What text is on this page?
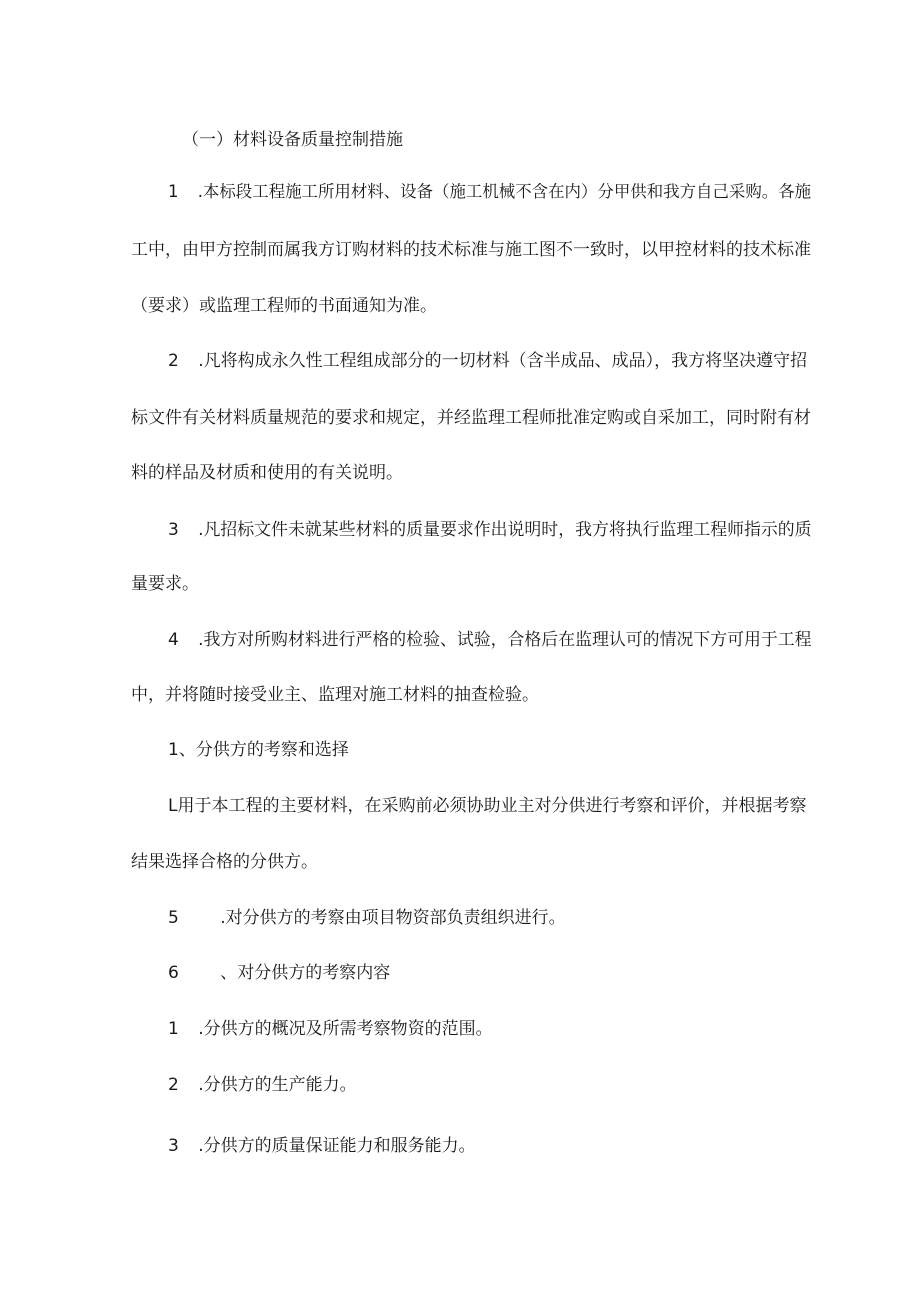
（一）材料设备质量控制措施
1 .本标段工程施工所用材料、设备（施工机械不含在内）分甲供和我方自己采购。各施
工中，由甲方控制而属我方订购材料的技术标准与施工图不一致时，以甲控材料的技术标准
（要求）或监理工程师的书面通知为准。
2 .凡将构成永久性工程组成部分的一切材料（含半成品、成品），我方将坚决遵守招
标文件有关材料质量规范的要求和规定，并经监理工程师批准定购或自采加工，同时附有材
料的样品及材质和使用的有关说明。
3 .凡招标文件未就某些材料的质量要求作出说明时，我方将执行监理工程师指示的质
量要求。
4 .我方对所购材料进行严格的检验、试验，合格后在监理认可的情况下方可用于工程
中，并将随时接受业主、监理对施工材料的抽查检验。
1、分供方的考察和选择
L用于本工程的主要材料，在采购前必须协助业主对分供进行考察和评价，并根据考察
结果选择合格的分供方。
5 .对分供方的考察由项目物资部负责组织进行。
6 、对分供方的考察内容
1 .分供方的概况及所需考察物资的范围。
2 .分供方的生产能力。
3 .分供方的质量保证能力和服务能力。
